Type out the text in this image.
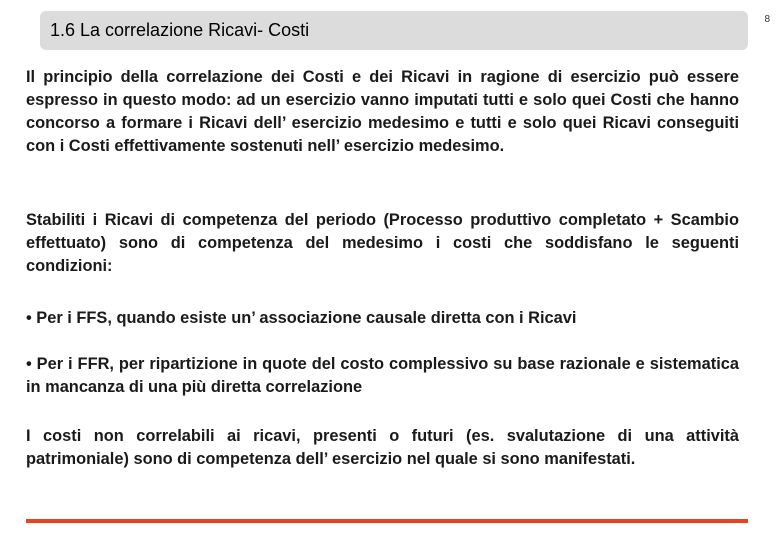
1.6 La correlazione Ricavi- Costi
8

Il principio della correlazione dei Costi e dei Ricavi in ragione di esercizio può essere espresso in questo modo: ad un esercizio vanno imputati tutti e solo quei Costi che hanno concorso a formare i Ricavi dell’ esercizio medesimo e tutti e solo quei Ricavi conseguiti con i Costi effettivamente sostenuti nell’ esercizio medesimo.

Stabiliti i Ricavi di competenza del periodo (Processo produttivo completato + Scambio effettuato) sono di competenza del medesimo i costi che soddisfano le seguenti condizioni:

• Per i FFS, quando esiste un’ associazione causale diretta con i Ricavi

• Per i FFR, per ripartizione in quote del costo complessivo su base razionale e sistematica in mancanza di una più diretta correlazione

I costi non correlabili ai ricavi, presenti o futuri (es. svalutazione di una attività patrimoniale) sono di competenza dell’ esercizio nel quale si sono manifestati.
